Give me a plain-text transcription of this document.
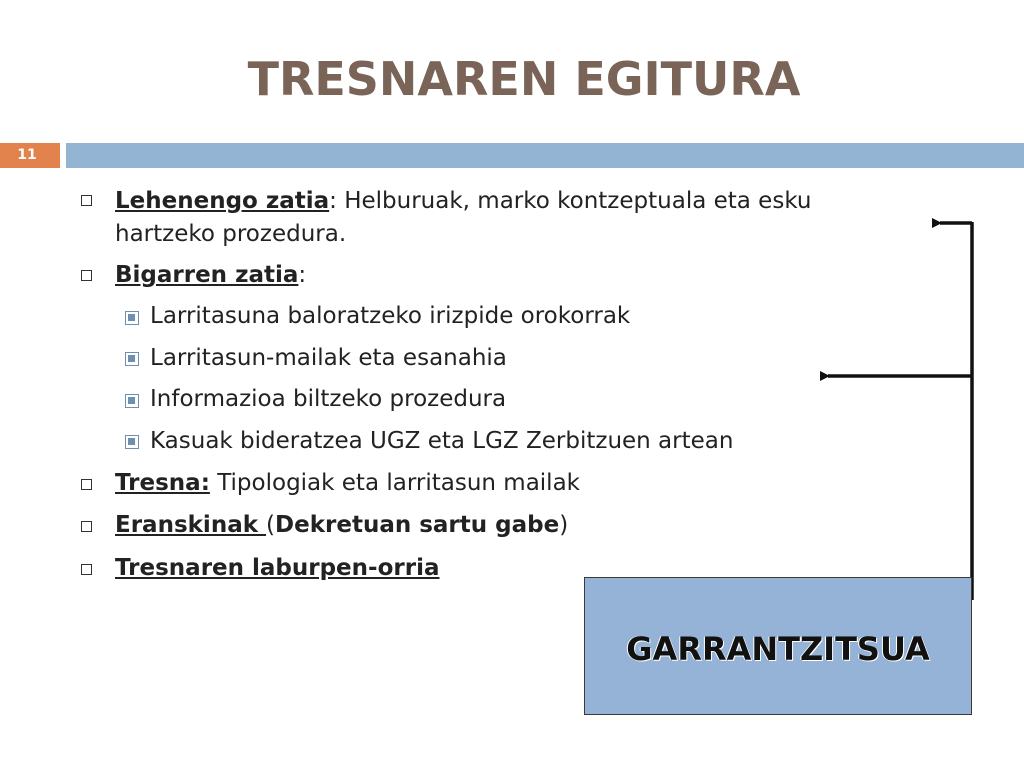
TRESNAREN EGITURA
11
Lehenengo zatia: Helburuak, marko kontzeptuala eta esku
hartzeko prozedura.
Bigarren zatia:
Larritasuna baloratzeko irizpide orokorrak
Larritasun-mailak eta esanahia
Informazioa biltzeko prozedura
Kasuak bideratzea UGZ eta LGZ Zerbitzuen artean
Tresna: Tipologiak eta larritasun mailak
Eranskinak (Dekretuan sartu gabe)
Tresnaren laburpen-orria
GARRANTZITSUA
